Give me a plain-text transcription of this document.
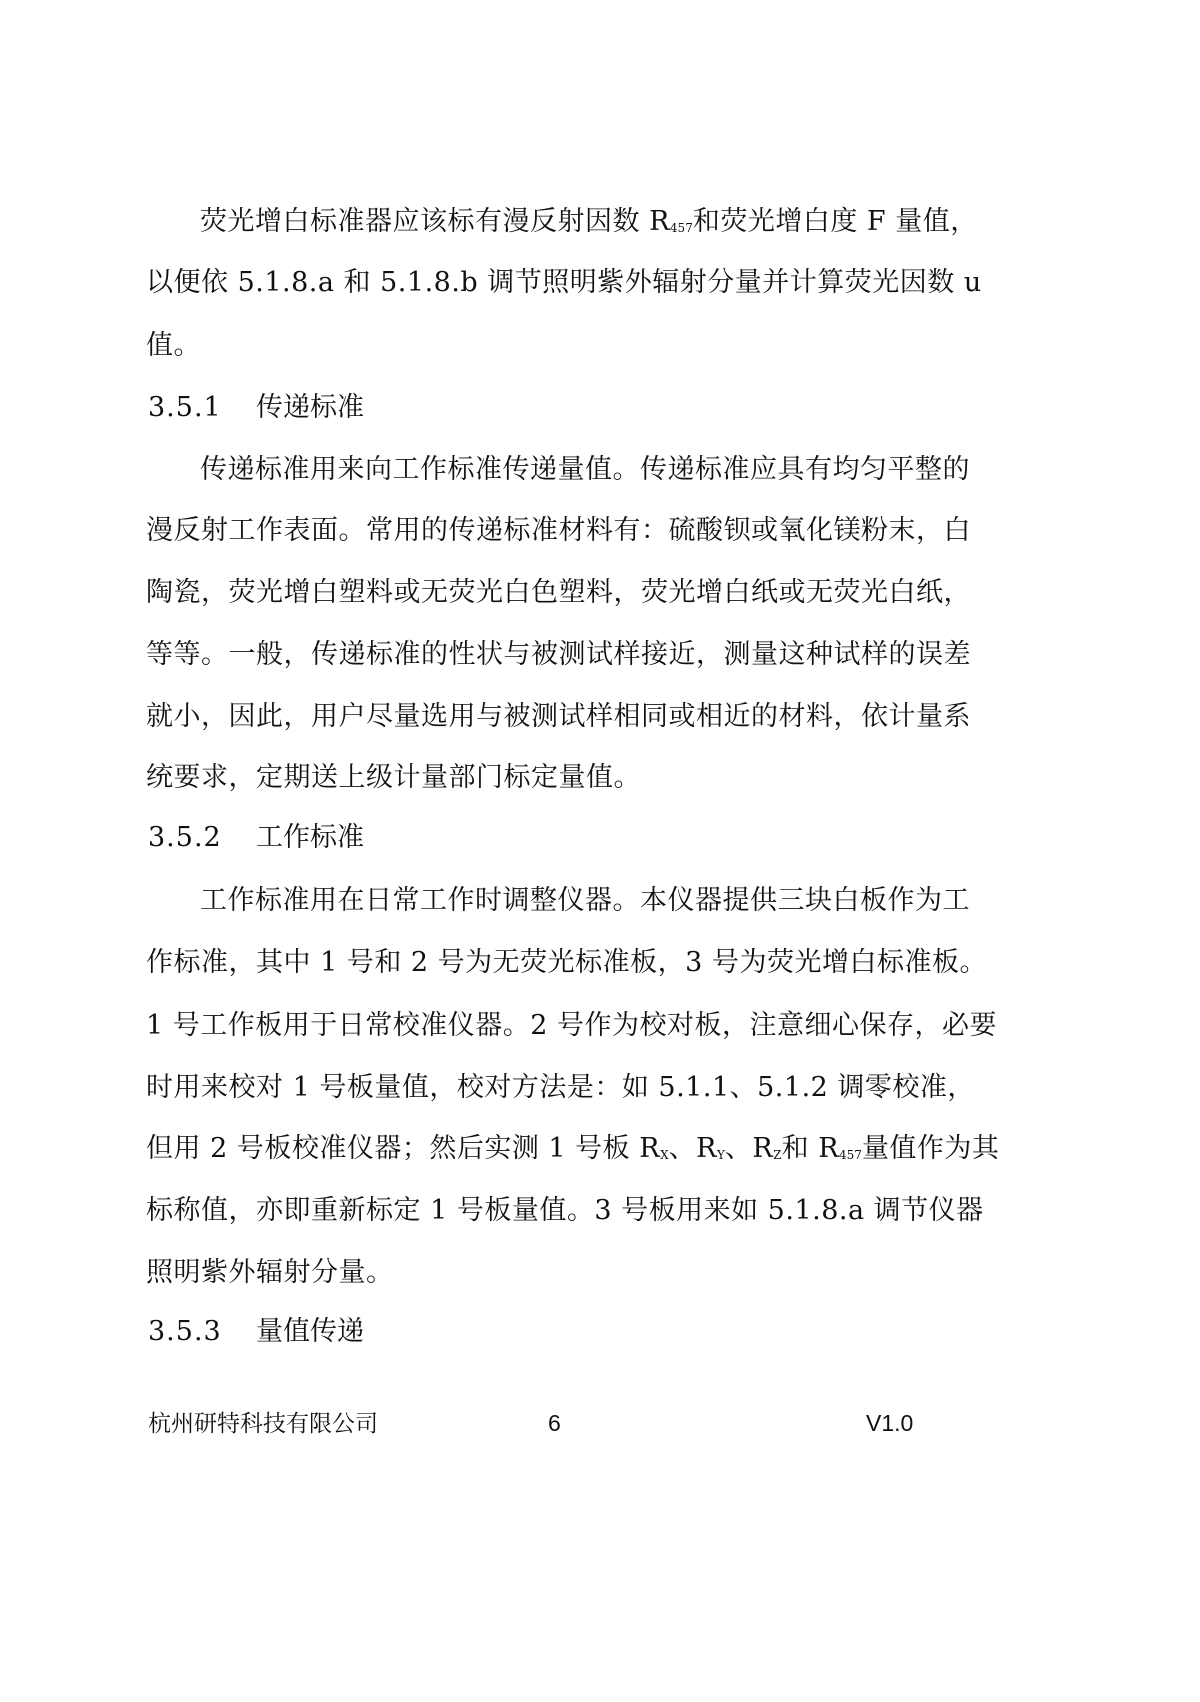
荧光增白标准器应该标有漫反射因数 $R_{457}$和荧光增白度 F 量值，
以便依 5.1.8.a 和 5.1.8.b 调节照明紫外辐射分量并计算荧光因数 u
值。
3.5.1 传递标准
传递标准用来向工作标准传递量值。传递标准应具有均匀平整的
漫反射工作表面。常用的传递标准材料有：硫酸钡或氧化镁粉末，白
陶瓷，荧光增白塑料或无荧光白色塑料，荧光增白纸或无荧光白纸，
等等。一般，传递标准的性状与被测试样接近，测量这种试样的误差
就小，因此，用户尽量选用与被测试样相同或相近的材料，依计量系
统要求，定期送上级计量部门标定量值。
3.5.2 工作标准
工作标准用在日常工作时调整仪器。本仪器提供三块白板作为工
作标准，其中 1 号和 2 号为无荧光标准板，3 号为荧光增白标准板。
1 号工作板用于日常校准仪器。2 号作为校对板，注意细心保存，必要
时用来校对 1 号板量值，校对方法是：如 5.1.1、5.1.2 调零校准，
但用 2 号板校准仪器；然后实测 1 号板 $R_X$、$R_Y$、$R_Z$和 $R_{457}$量值作为其
标称值，亦即重新标定 1 号板量值。3 号板用来如 5.1.8.a 调节仪器
照明紫外辐射分量。
3.5.3 量值传递
杭州研特科技有限公司	6	V1.0
